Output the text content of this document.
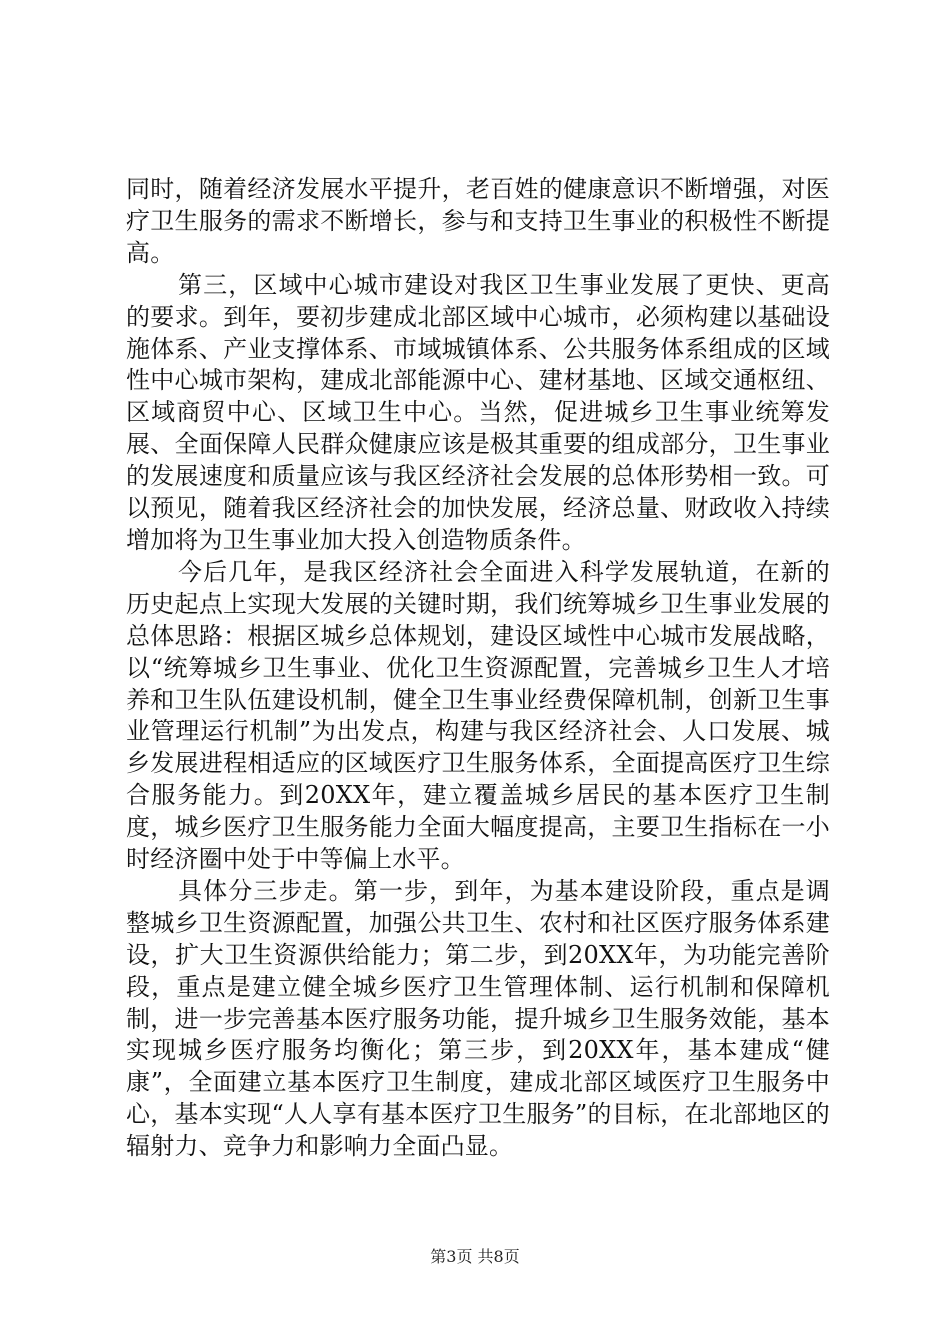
同时，随着经济发展水平提升，老百姓的健康意识不断增强，对医疗卫生服务的需求不断增长，参与和支持卫生事业的积极性不断提高。

第三，区域中心城市建设对我区卫生事业发展了更快、更高的要求。到年，要初步建成北部区域中心城市，必须构建以基础设施体系、产业支撑体系、市域城镇体系、公共服务体系组成的区域性中心城市架构，建成北部能源中心、建材基地、区域交通枢纽、区域商贸中心、区域卫生中心。当然，促进城乡卫生事业统筹发展、全面保障人民群众健康应该是极其重要的组成部分，卫生事业的发展速度和质量应该与我区经济社会发展的总体形势相一致。可以预见，随着我区经济社会的加快发展，经济总量、财政收入持续增加将为卫生事业加大投入创造物质条件。

今后几年，是我区经济社会全面进入科学发展轨道，在新的历史起点上实现大发展的关键时期，我们统筹城乡卫生事业发展的总体思路：根据区城乡总体规划，建设区域性中心城市发展战略，以“统筹城乡卫生事业、优化卫生资源配置，完善城乡卫生人才培养和卫生队伍建设机制，健全卫生事业经费保障机制，创新卫生事业管理运行机制”为出发点，构建与我区经济社会、人口发展、城乡发展进程相适应的区域医疗卫生服务体系，全面提高医疗卫生综合服务能力。到20XX年，建立覆盖城乡居民的基本医疗卫生制度，城乡医疗卫生服务能力全面大幅度提高，主要卫生指标在一小时经济圈中处于中等偏上水平。

具体分三步走。第一步，到年，为基本建设阶段，重点是调整城乡卫生资源配置，加强公共卫生、农村和社区医疗服务体系建设，扩大卫生资源供给能力；第二步，到20XX年，为功能完善阶段，重点是建立健全城乡医疗卫生管理体制、运行机制和保障机制，进一步完善基本医疗服务功能，提升城乡卫生服务效能，基本实现城乡医疗服务均衡化；第三步，到20XX年，基本建成“健康”，全面建立基本医疗卫生制度，建成北部区域医疗卫生服务中心，基本实现“人人享有基本医疗卫生服务”的目标，在北部地区的辐射力、竞争力和影响力全面凸显。

第3页 共8页
